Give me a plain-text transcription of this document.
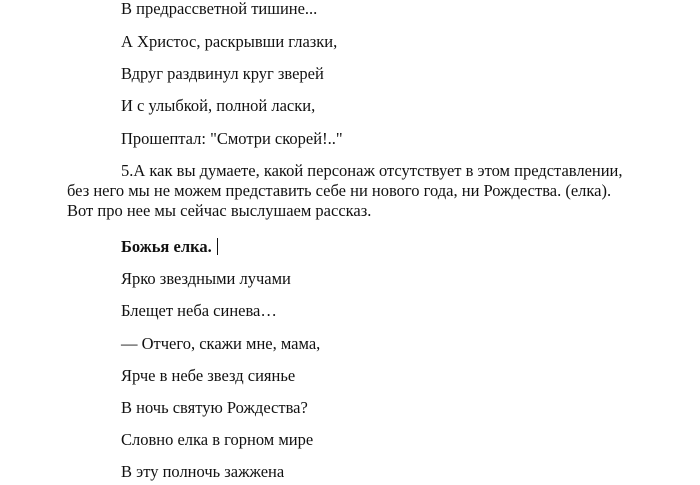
В предрассветной тишине...
А Христос, раскрывши глазки,
Вдруг раздвинул круг зверей
И с улыбкой, полной ласки,
Прошептал: "Смотри скорей!.."
5.А как вы думаете, какой персонаж отсутствует в этом представлении,
без него мы не можем представить себе ни нового года, ни Рождества. (елка).
Вот про нее мы сейчас выслушаем рассказ.
Божья елка.
Ярко звездными лучами
Блещет неба синева…
— Отчего, скажи мне, мама,
Ярче в небе звезд сиянье
В ночь святую Рождества?
Словно елка в горном мире
В эту полночь зажжена
